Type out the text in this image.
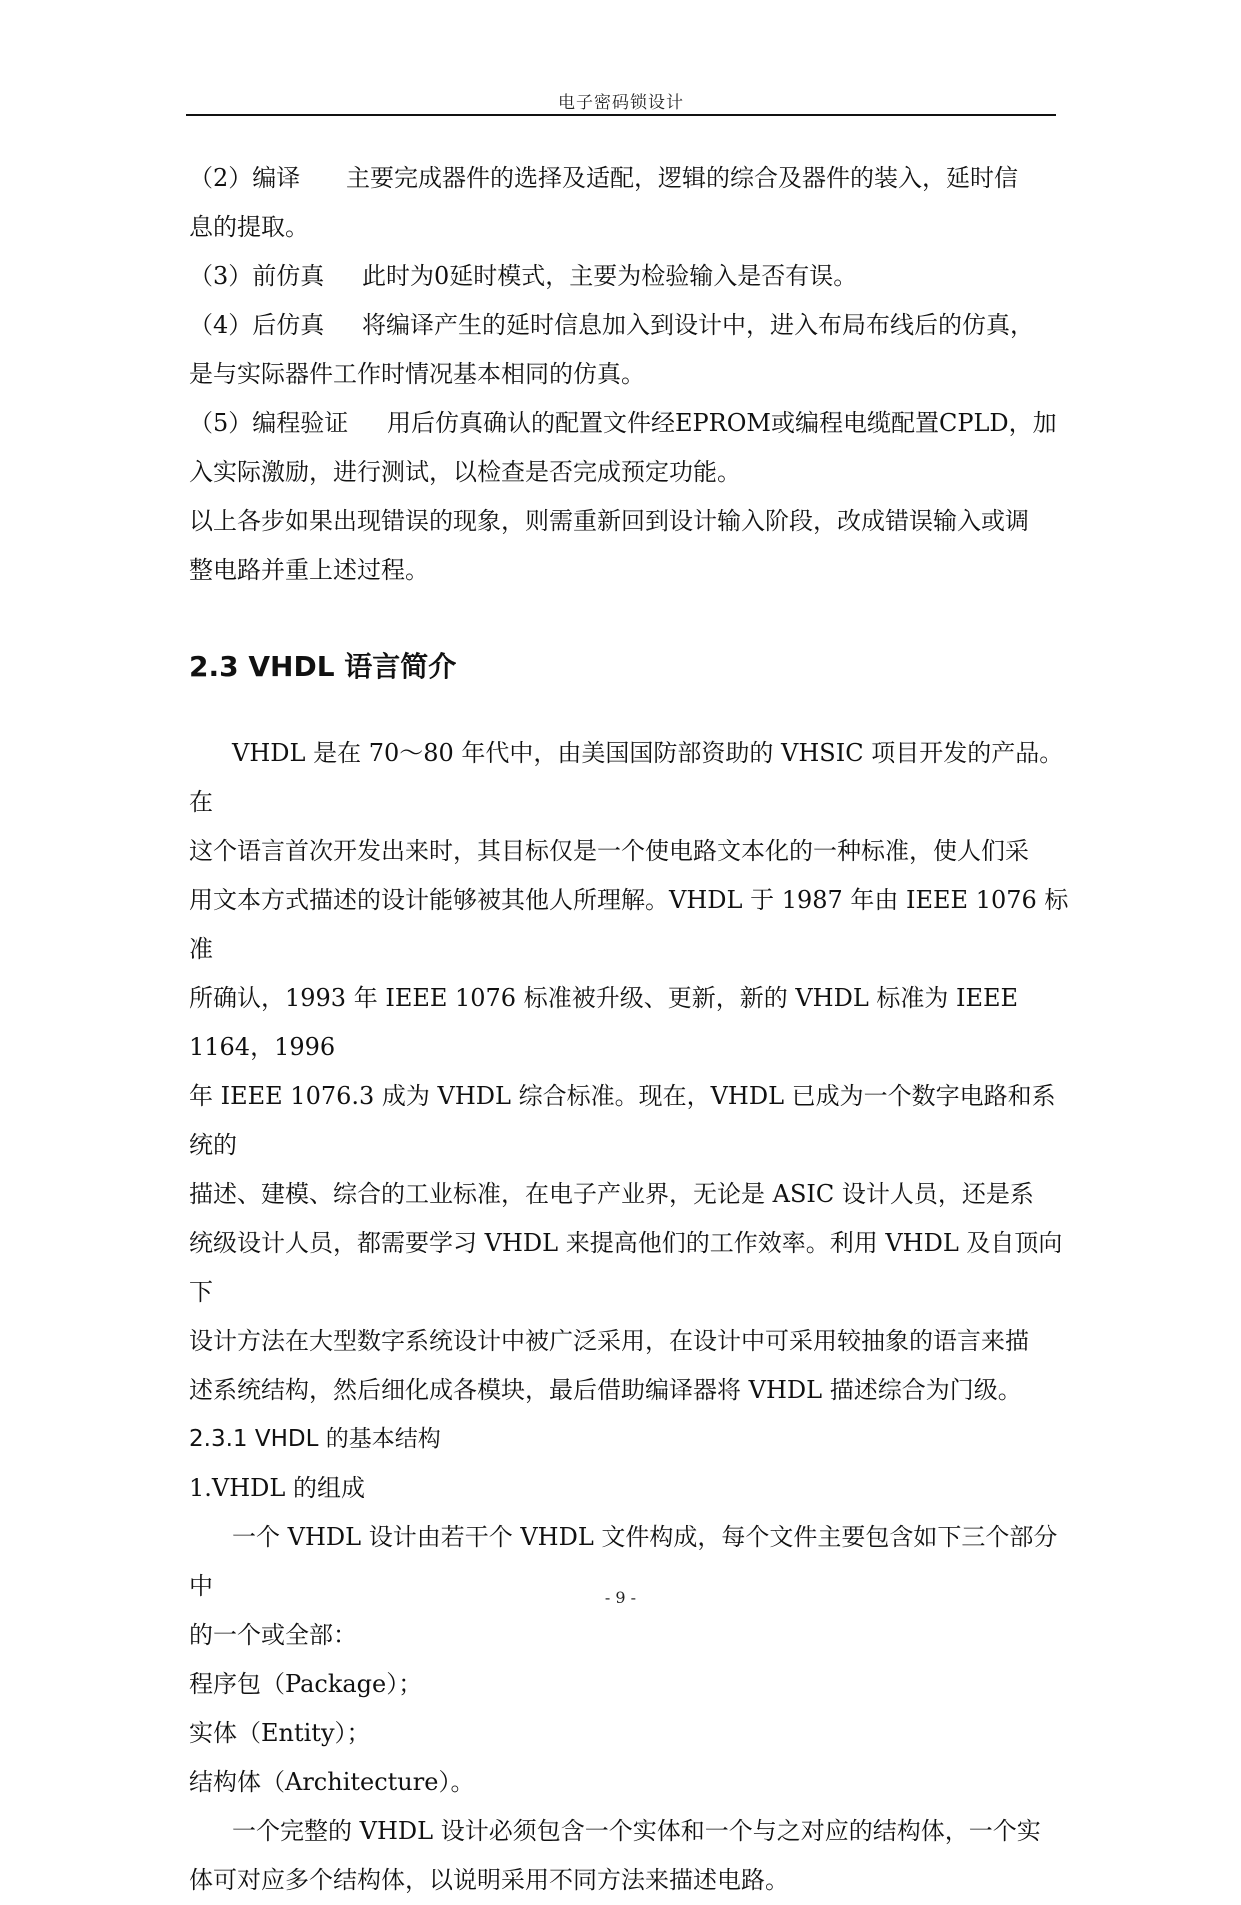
电子密码锁设计

（2）编译 主要完成器件的选择及适配，逻辑的综合及器件的装入，延时信

息的提取。

（3）前仿真 此时为0延时模式，主要为检验输入是否有误。

（4）后仿真 将编译产生的延时信息加入到设计中，进入布局布线后的仿真，

是与实际器件工作时情况基本相同的仿真。

（5）编程验证 用后仿真确认的配置文件经EPROM或编程电缆配置CPLD，加

入实际激励，进行测试，以检查是否完成预定功能。

以上各步如果出现错误的现象，则需重新回到设计输入阶段，改成错误输入或调

整电路并重上述过程。

2.3 VHDL 语言简介

VHDL 是在 70～80 年代中，由美国国防部资助的 VHSIC 项目开发的产品。在

这个语言首次开发出来时，其目标仅是一个使电路文本化的一种标准，使人们采

用文本方式描述的设计能够被其他人所理解。VHDL 于 1987 年由 IEEE 1076 标准

所确认，1993 年 IEEE 1076 标准被升级、更新，新的 VHDL 标准为 IEEE 1164，1996

年 IEEE 1076.3 成为 VHDL 综合标准。现在，VHDL 已成为一个数字电路和系统的

描述、建模、综合的工业标准，在电子产业界，无论是 ASIC 设计人员，还是系

统级设计人员，都需要学习 VHDL 来提高他们的工作效率。利用 VHDL 及自顶向下

设计方法在大型数字系统设计中被广泛采用，在设计中可采用较抽象的语言来描

述系统结构，然后细化成各模块，最后借助编译器将 VHDL 描述综合为门级。

2.3.1 VHDL 的基本结构

1.VHDL 的组成

一个 VHDL 设计由若干个 VHDL 文件构成，每个文件主要包含如下三个部分中

的一个或全部：

程序包（Package）；

实体（Entity）；

结构体（Architecture）。

一个完整的 VHDL 设计必须包含一个实体和一个与之对应的结构体，一个实

体可对应多个结构体，以说明采用不同方法来描述电路。

- 9 -
